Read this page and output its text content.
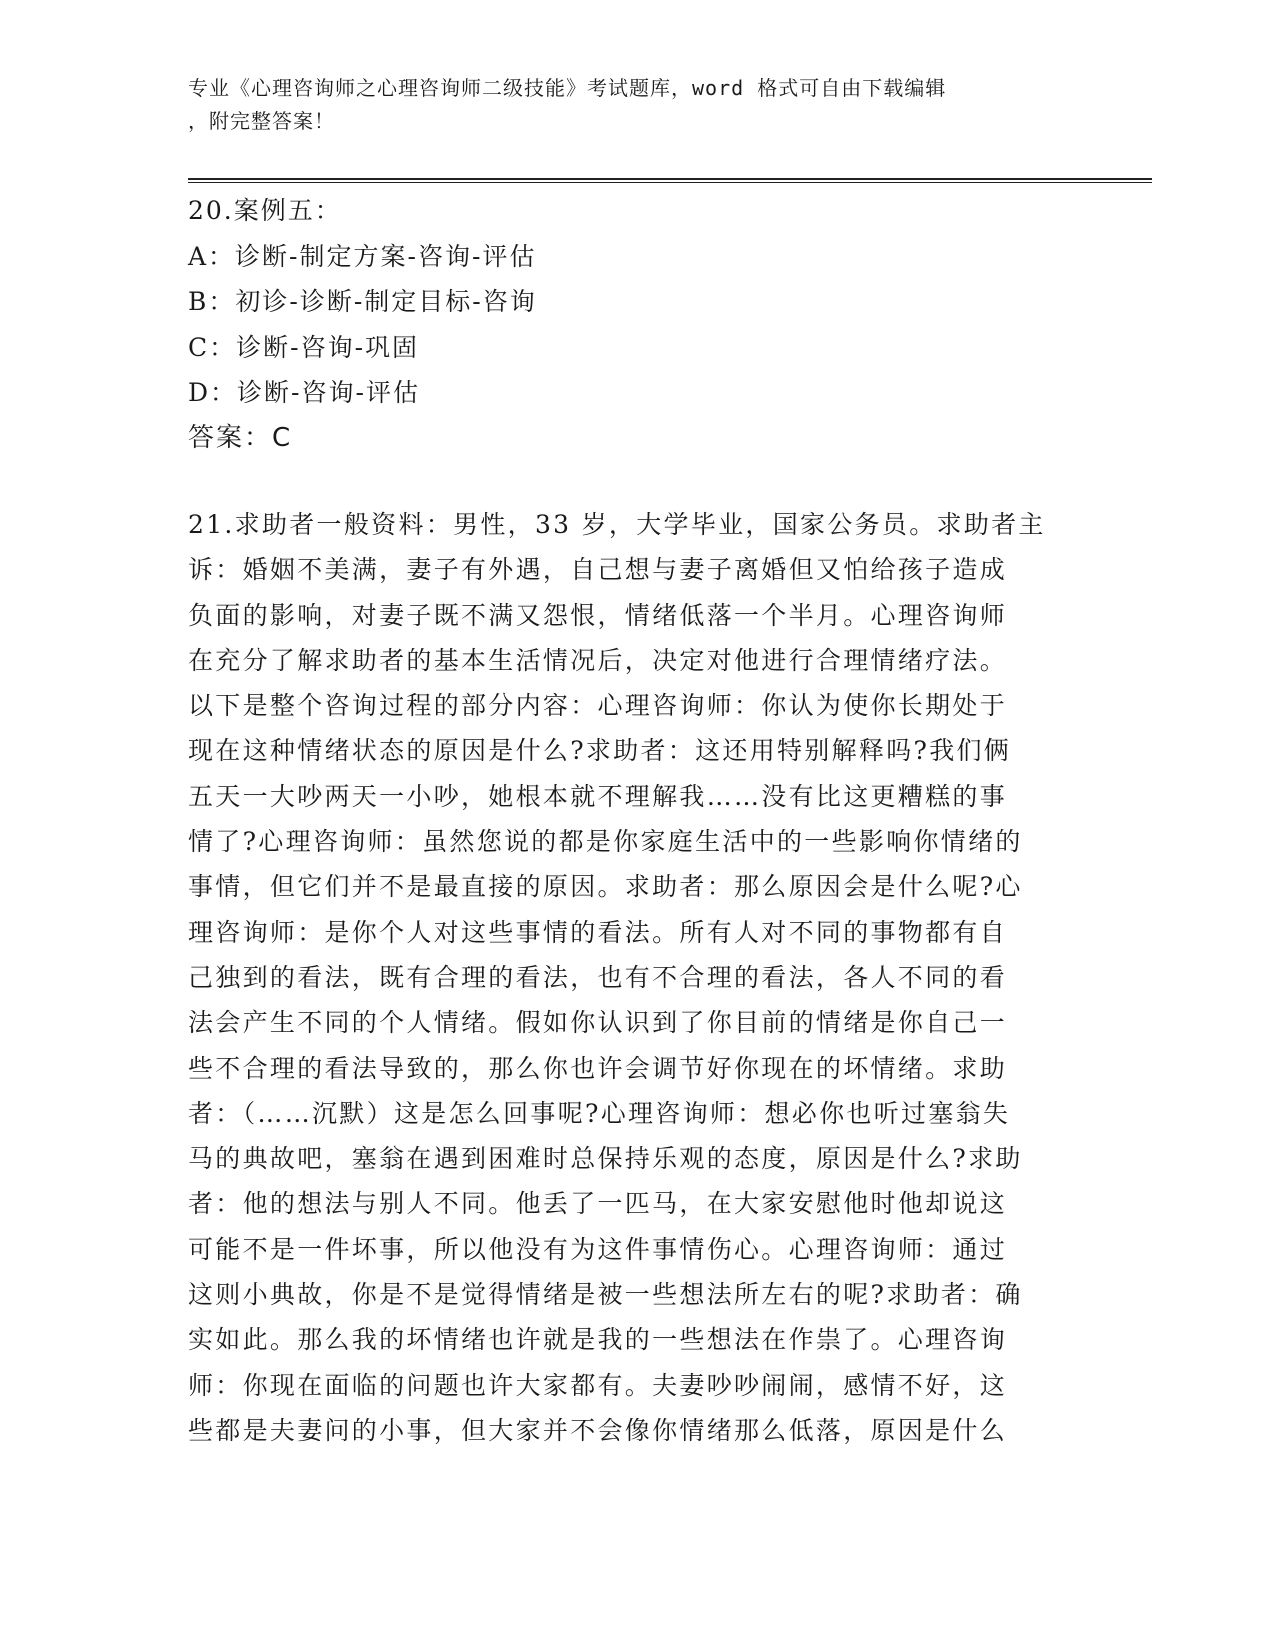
专业《心理咨询师之心理咨询师二级技能》考试题库，word 格式可自由下载编辑
，附完整答案！
20.案例五：
A：诊断-制定方案-咨询-评估
B：初诊-诊断-制定目标-咨询
C：诊断-咨询-巩固
D：诊断-咨询-评估
答案：C
21.求助者一般资料：男性，33 岁，大学毕业，国家公务员。求助者主
诉：婚姻不美满，妻子有外遇，自己想与妻子离婚但又怕给孩子造成
负面的影响，对妻子既不满又怨恨，情绪低落一个半月。心理咨询师
在充分了解求助者的基本生活情况后，决定对他进行合理情绪疗法。
以下是整个咨询过程的部分内容：心理咨询师：你认为使你长期处于
现在这种情绪状态的原因是什么?求助者：这还用特别解释吗?我们俩
五天一大吵两天一小吵，她根本就不理解我……没有比这更糟糕的事
情了?心理咨询师：虽然您说的都是你家庭生活中的一些影响你情绪的
事情，但它们并不是最直接的原因。求助者：那么原因会是什么呢?心
理咨询师：是你个人对这些事情的看法。所有人对不同的事物都有自
己独到的看法，既有合理的看法，也有不合理的看法，各人不同的看
法会产生不同的个人情绪。假如你认识到了你目前的情绪是你自己一
些不合理的看法导致的，那么你也许会调节好你现在的坏情绪。求助
者：（……沉默）这是怎么回事呢?心理咨询师：想必你也听过塞翁失
马的典故吧，塞翁在遇到困难时总保持乐观的态度，原因是什么?求助
者：他的想法与别人不同。他丢了一匹马，在大家安慰他时他却说这
可能不是一件坏事，所以他没有为这件事情伤心。心理咨询师：通过
这则小典故，你是不是觉得情绪是被一些想法所左右的呢?求助者：确
实如此。那么我的坏情绪也许就是我的一些想法在作祟了。心理咨询
师：你现在面临的问题也许大家都有。夫妻吵吵闹闹，感情不好，这
些都是夫妻问的小事，但大家并不会像你情绪那么低落，原因是什么
